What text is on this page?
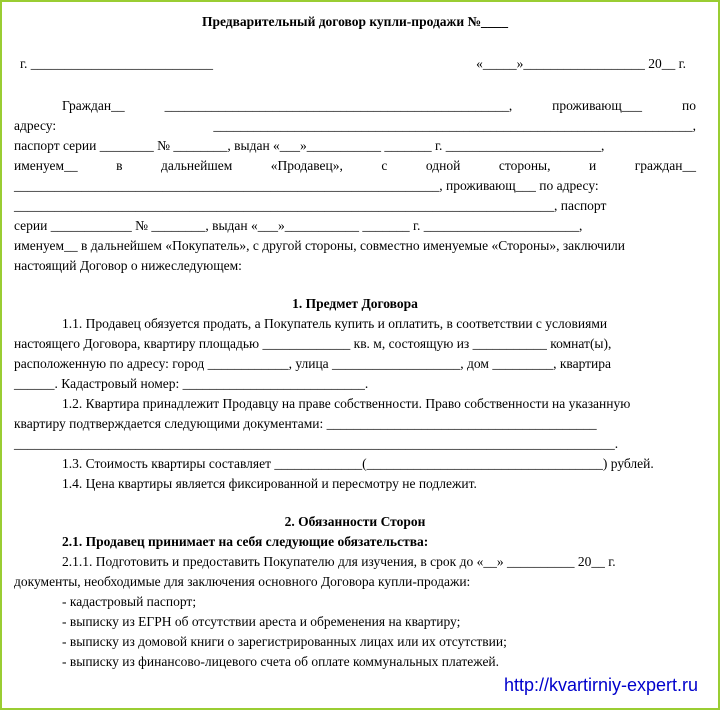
Предварительный договор купли-продажи №____
г. ___________________________	«_____»__________________ 20__ г.
Граждан__	___________________________________________________,	проживающ___	по
адресу:	_______________________________________________________________________,
паспорт серии ________ № ________, выдан «___»___________ _______ г. _______________________,
именуем__	в	дальнейшем	«Продавец»,	с	одной	стороны,	и	граждан__
_______________________________________________________________, проживающ___ по адресу:
________________________________________________________________________________, паспорт
серии ____________ № ________, выдан «___»___________ _______ г. _______________________,
именуем__ в дальнейшем «Покупатель», с другой стороны, совместно именуемые «Стороны», заключили
настоящий Договор о нижеследующем:
1. Предмет Договора
1.1. Продавец обязуется продать, а Покупатель купить и оплатить, в соответствии с условиями
настоящего Договора, квартиру площадью _____________ кв. м, состоящую из ___________ комнат(ы),
расположенную по адресу: город ____________, улица ___________________, дом _________, квартира
______. Кадастровый номер: ___________________________.
1.2. Квартира принадлежит Продавцу на праве собственности. Право собственности на указанную
квартиру подтверждается следующими документами: ________________________________________
_________________________________________________________________________________________.
1.3. Стоимость квартиры составляет _____________(___________________________________) рублей.
1.4. Цена квартиры является фиксированной и пересмотру не подлежит.
2. Обязанности Сторон
2.1. Продавец принимает на себя следующие обязательства:
2.1.1. Подготовить и предоставить Покупателю для изучения, в срок до «__» __________ 20__ г.
документы, необходимые для заключения основного Договора купли-продажи:
- кадастровый паспорт;
- выписку из ЕГРН об отсутствии ареста и обременения на квартиру;
- выписку из домовой книги о зарегистрированных лицах или их отсутствии;
- выписку из финансово-лицевого счета об оплате коммунальных платежей.
http://kvartirniy-expert.ru
